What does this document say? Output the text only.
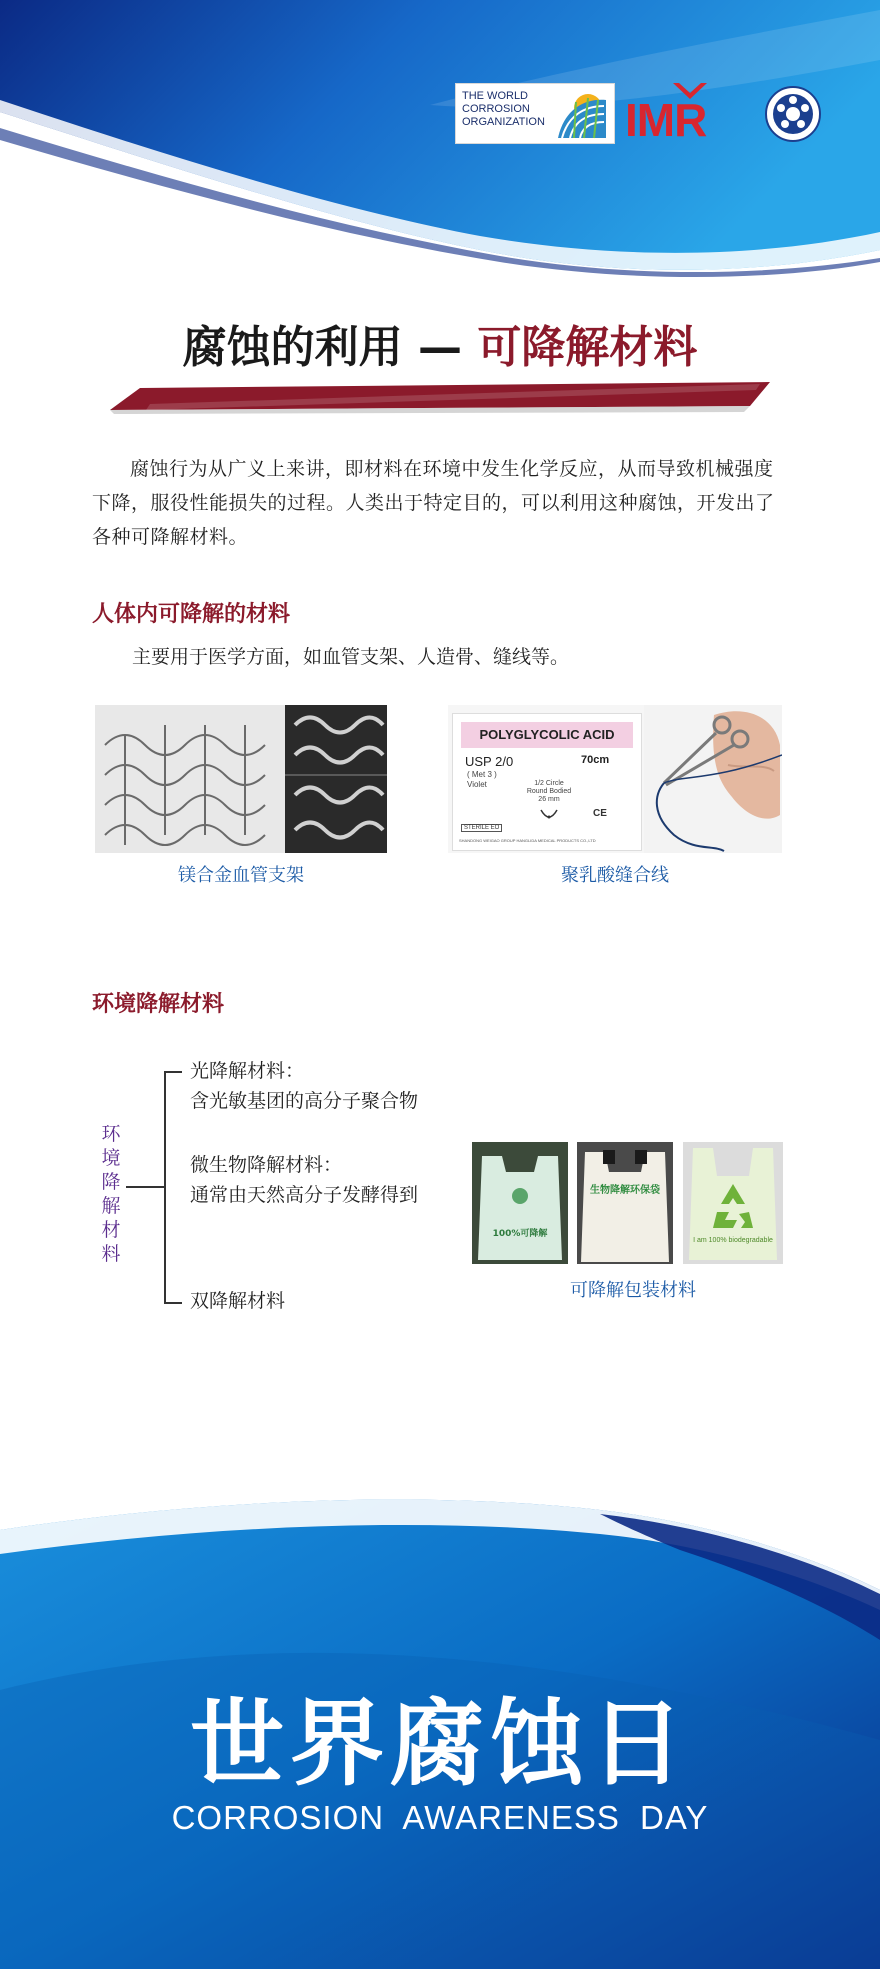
THE WORLD
CORROSION
ORGANIZATION IMR
腐蚀的利用 — 可降解材料
腐蚀行为从广义上来讲，即材料在环境中发生化学反应，从而导致机械强度下降，服役性能损失的过程。人类出于特定目的，可以利用这种腐蚀，开发出了各种可降解材料。
人体内可降解的材料
主要用于医学方面，如血管支架、人造骨、缝线等。
镁合金血管支架
POLYGLYCOLIC ACID
USP 2/0
( Met 3 )
Violet
70cm
1/2 Circle
Round Bodied
26 mm
STERILE EO
CE
SHANDONG WEIGAO GROUP HANGLIDA MEDICAL PRODUCTS CO.,LTD
聚乳酸缝合线
环境降解材料
环
境
降
解
材
料
光降解材料：
含光敏基团的高分子聚合物
微生物降解材料：
通常由天然高分子发酵得到
双降解材料
100%可降解
生物降解环保袋
I am 100% biodegradable
可降解包装材料
世界腐蚀日
CORROSION AWARENESS DAY
